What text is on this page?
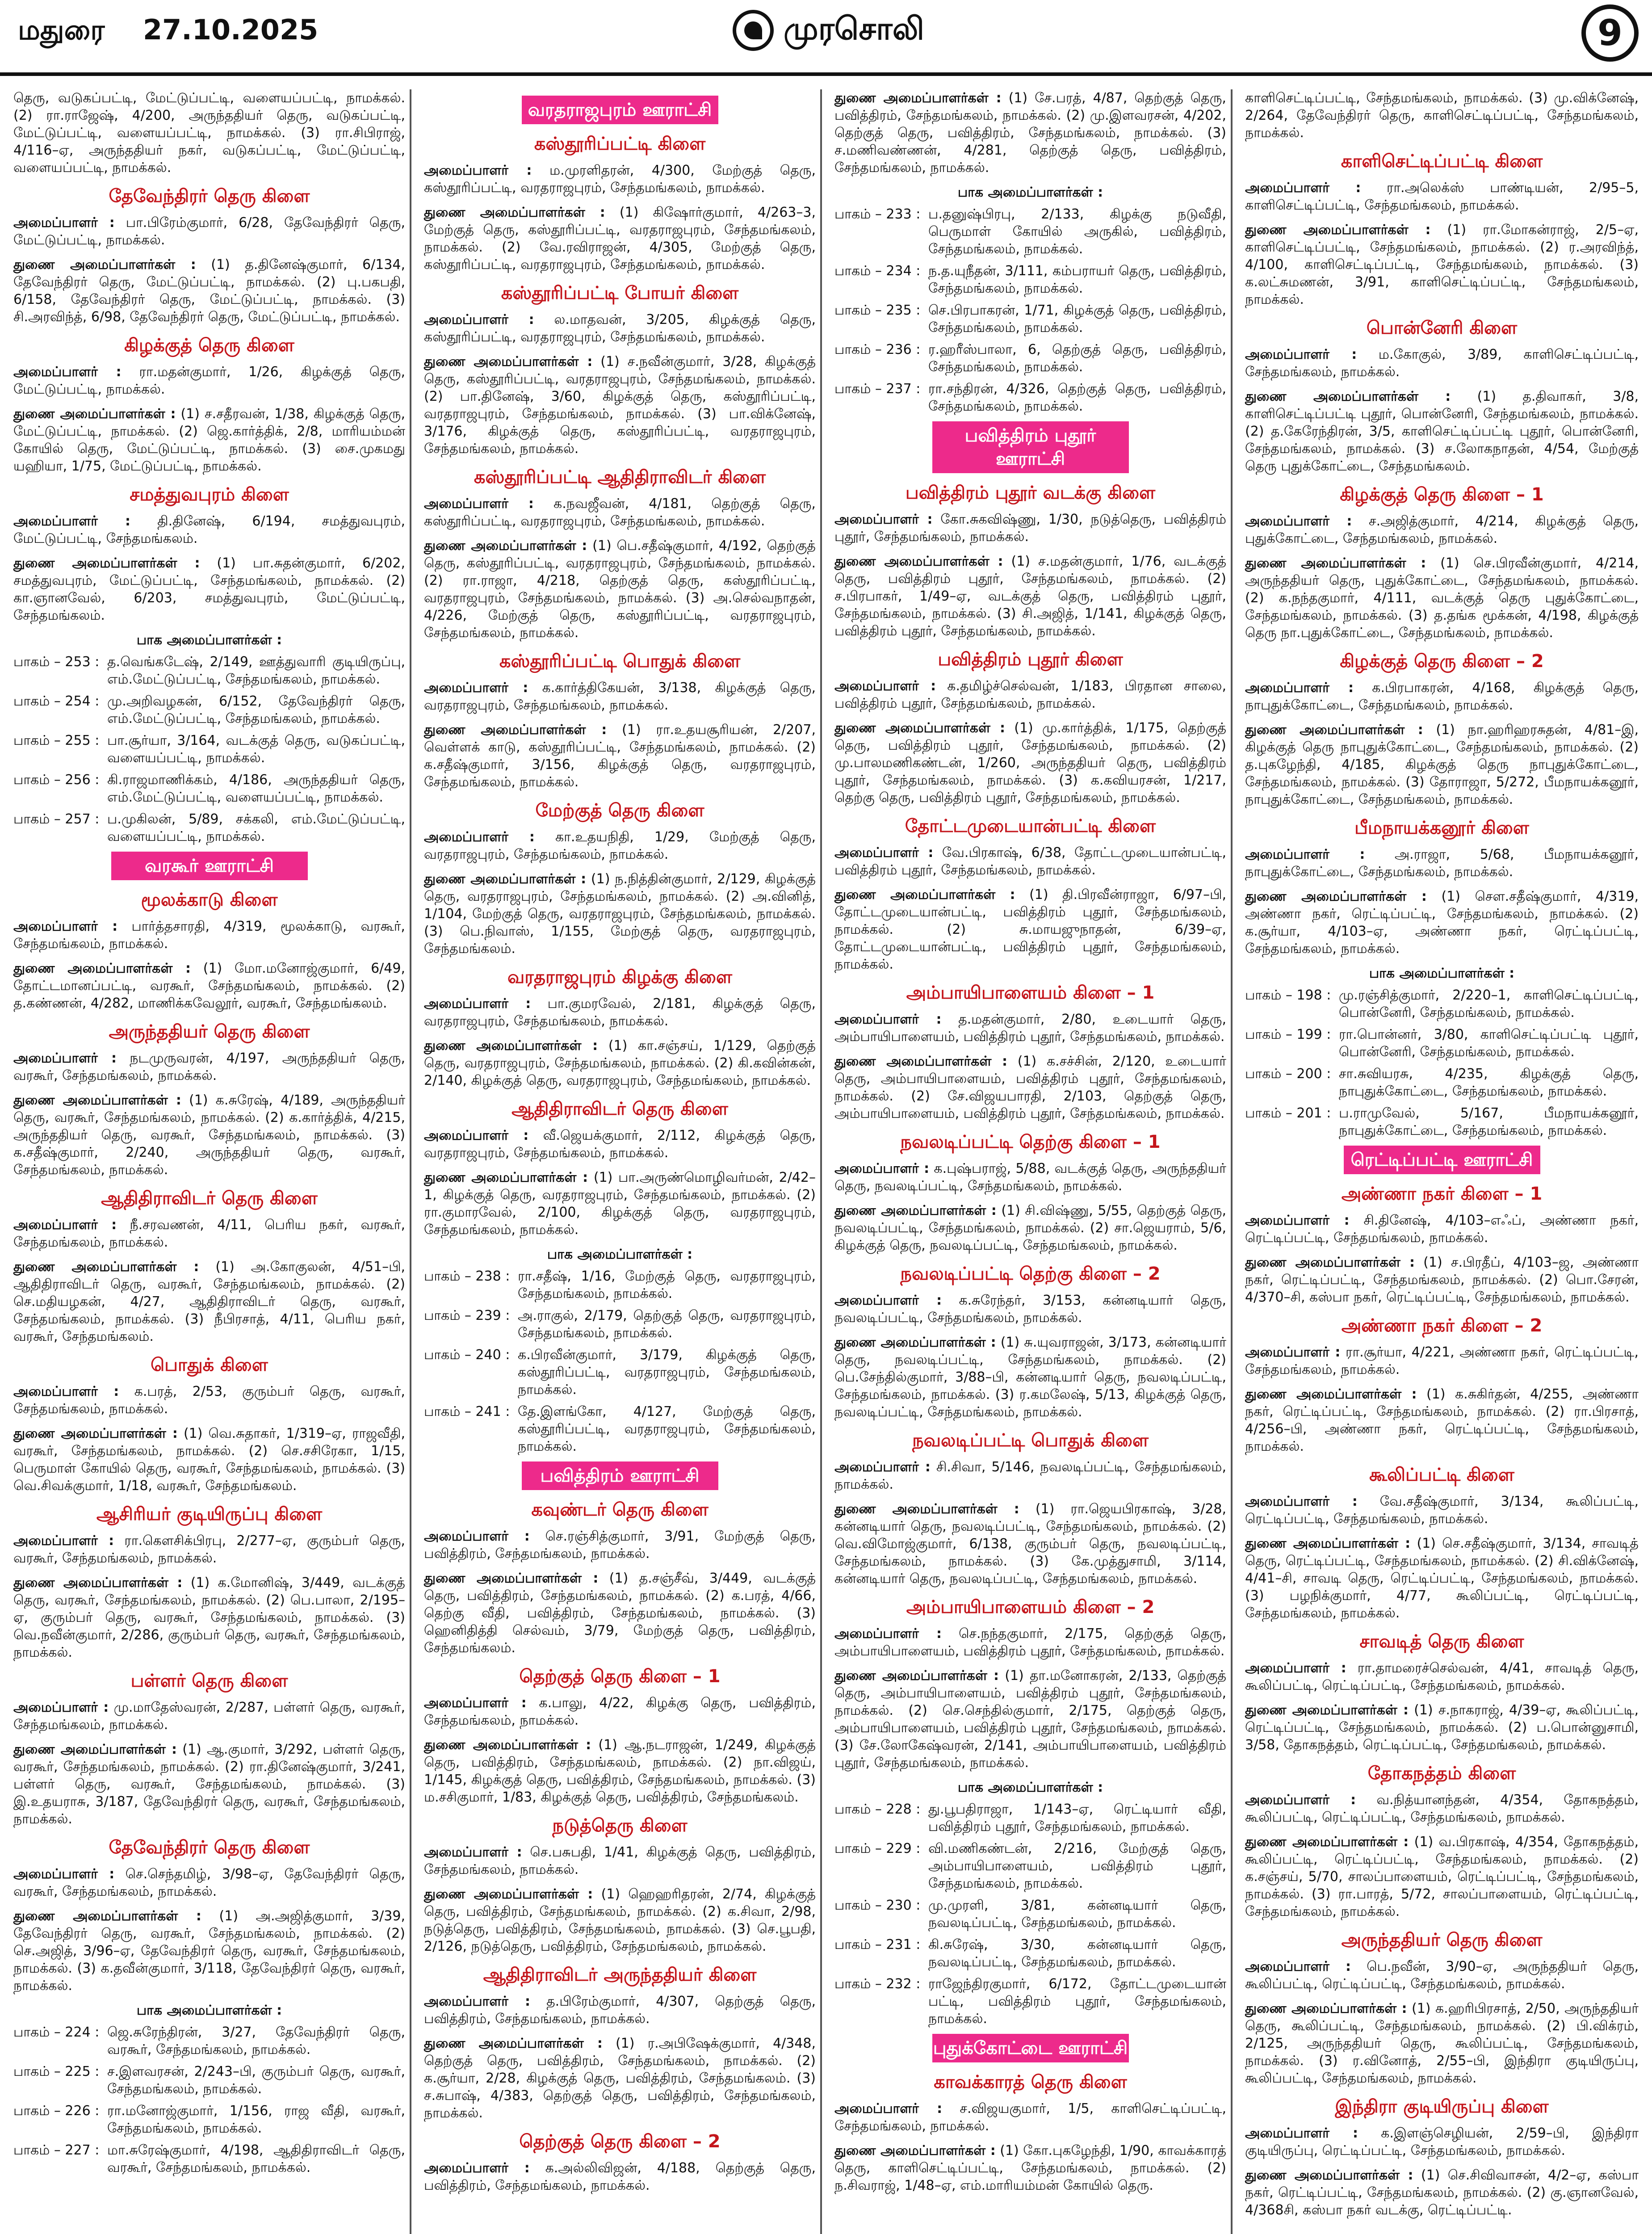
மதுரை 27.10.2025	முரசொலி	9

தெரு, வடுகப்பட்டி, மேட்டுப்பட்டி, வளையப்பட்டி, நாமக்கல். (2) ரா.ராஜேஷ், 4/200, அருந்ததியர் தெரு, வடுகப்பட்டி, மேட்டுப்பட்டி, வளையப்பட்டி, நாமக்கல். (3) ரா.சிபிராஜ், 4/116–ஏ, அருந்ததியர் நகர், வடுகப்பட்டி, மேட்டுப்பட்டி, வளையப்பட்டி, நாமக்கல்.

தேவேந்திரர் தெரு கிளை

அமைப்பாளர் : பா.பிரேம்குமார், 6/28, தேவேந்திரர் தெரு, மேட்டுப்பட்டி, நாமக்கல்.

துணை அமைப்பாளர்கள் : (1) த.தினேஷ்குமார், 6/134, தேவேந்திரர் தெரு, மேட்டுப்பட்டி, நாமக்கல். (2) பு.பகபதி, 6/158, தேவேந்திரர் தெரு, மேட்டுப்பட்டி, நாமக்கல். (3) சி.அரவிந்த், 6/98, தேவேந்திரர் தெரு, மேட்டுப்பட்டி, நாமக்கல்.

கிழக்குத் தெரு கிளை

அமைப்பாளர் : ரா.மதன்குமார், 1/26, கிழக்குத் தெரு, மேட்டுப்பட்டி, நாமக்கல்.

துணை அமைப்பாளர்கள் : (1) ச.சதீரவன், 1/38, கிழக்குத் தெரு, மேட்டுப்பட்டி, நாமக்கல். (2) ஜெ.கார்த்திக், 2/8, மாரியம்மன் கோயில் தெரு, மேட்டுப்பட்டி, நாமக்கல். (3) சை.முகமது யஹியா, 1/75, மேட்டுப்பட்டி, நாமக்கல்.

சமத்துவபுரம் கிளை

அமைப்பாளர் : தி.தினேஷ், 6/194, சமத்துவபுரம், மேட்டுப்பட்டி, சேந்தமங்கலம்.

துணை அமைப்பாளர்கள் : (1) பா.சுதன்குமார், 6/202, சமத்துவபுரம், மேட்டுப்பட்டி, சேந்தமங்கலம், நாமக்கல். (2) கா.ஞானவேல், 6/203, சமத்துவபுரம், மேட்டுப்பட்டி, சேந்தமங்கலம்.

பாக அமைப்பாளர்கள் :
பாகம் – 253 : த.வெங்கடேஷ், 2/149, ஊத்துவாரி குடியிருப்பு, எம்.மேட்டுப்பட்டி, சேந்தமங்கலம், நாமக்கல்.
பாகம் – 254 : மு.அறிவழகன், 6/152, தேவேந்திரர் தெரு, எம்.மேட்டுப்பட்டி, சேந்தமங்கலம், நாமக்கல்.
பாகம் – 255 : பா.சூர்யா, 3/164, வடக்குத் தெரு, வடுகப்பட்டி, வளையப்பட்டி, நாமக்கல்.
பாகம் – 256 : கி.ராஜமாணிக்கம், 4/186, அருந்ததியர் தெரு, எம்.மேட்டுப்பட்டி, வளையப்பட்டி, நாமக்கல்.
பாகம் – 257 : ப.முகிலன், 5/89, சக்கலி, எம்.மேட்டுப்பட்டி, வளையப்பட்டி, நாமக்கல்.
வரகூர் ஊராட்சி
மூலக்காடு கிளை

அமைப்பாளர் : பார்த்தசாரதி, 4/319, மூலக்காடு, வரகூர், சேந்தமங்கலம், நாமக்கல்.

துணை அமைப்பாளர்கள் : (1) மோ.மனோஜ்குமார், 6/49, தோட்டமானப்பட்டி, வரகூர், சேந்தமங்கலம், நாமக்கல். (2) த.கண்ணன், 4/282, மாணிக்கவேலூர், வரகூர், சேந்தமங்கலம்.

அருந்ததியர் தெரு கிளை

அமைப்பாளர் : நடமுருவரன், 4/197, அருந்ததியர் தெரு, வரகூர், சேந்தமங்கலம், நாமக்கல்.

துணை அமைப்பாளர்கள் : (1) க.சுரேஷ், 4/189, அருந்ததியர் தெரு, வரகூர், சேந்தமங்கலம், நாமக்கல். (2) க.கார்த்திக், 4/215, அருந்ததியர் தெரு, வரகூர், சேந்தமங்கலம், நாமக்கல். (3) க.சதீஷ்குமார், 2/240, அருந்ததியர் தெரு, வரகூர், சேந்தமங்கலம், நாமக்கல்.

ஆதிதிராவிடர் தெரு கிளை

அமைப்பாளர் : நீ.சரவணன், 4/11, பெரிய நகர், வரகூர், சேந்தமங்கலம், நாமக்கல்.

துணை அமைப்பாளர்கள் : (1) அ.கோகுலன், 4/51–பி, ஆதிதிராவிடர் தெரு, வரகூர், சேந்தமங்கலம், நாமக்கல். (2) செ.மதியழகன், 4/27, ஆதிதிராவிடர் தெரு, வரகூர், சேந்தமங்கலம், நாமக்கல். (3) நீபிரசாத், 4/11, பெரிய நகர், வரகூர், சேந்தமங்கலம்.

பொதுக் கிளை

அமைப்பாளர் : க.பரத், 2/53, குரும்பர் தெரு, வரகூர், சேந்தமங்கலம், நாமக்கல்.

துணை அமைப்பாளர்கள் : (1) வெ.சுதாகர், 1/319–ஏ, ராஜவீதி, வரகூர், சேந்தமங்கலம், நாமக்கல். (2) செ.சசிரேகா, 1/15, பெருமாள் கோயில் தெரு, வரகூர், சேந்தமங்கலம், நாமக்கல். (3) வெ.சிவக்குமார், 1/18, வரகூர், சேந்தமங்கலம்.

ஆசிரியர் குடியிருப்பு கிளை

அமைப்பாளர் : ரா.கௌசிக்பிரபு, 2/277–ஏ, குரும்பர் தெரு, வரகூர், சேந்தமங்கலம், நாமக்கல்.

துணை அமைப்பாளர்கள் : (1) க.மோனிஷ், 3/449, வடக்குத் தெரு, வரகூர், சேந்தமங்கலம், நாமக்கல். (2) பெ.பாலா, 2/195–ஏ, குரும்பர் தெரு, வரகூர், சேந்தமங்கலம், நாமக்கல். (3) வெ.நவீன்குமார், 2/286, குரும்பர் தெரு, வரகூர், சேந்தமங்கலம், நாமக்கல்.

பள்ளர் தெரு கிளை

அமைப்பாளர் : மு.மாதேஸ்வரன், 2/287, பள்ளர் தெரு, வரகூர், சேந்தமங்கலம், நாமக்கல்.

துணை அமைப்பாளர்கள் : (1) ஆ.குமார், 3/292, பள்ளர் தெரு, வரகூர், சேந்தமங்கலம், நாமக்கல். (2) ரா.தினேஷ்குமார், 3/241, பள்ளர் தெரு, வரகூர், சேந்தமங்கலம், நாமக்கல். (3) இ.உதயராசு, 3/187, தேவேந்திரர் தெரு, வரகூர், சேந்தமங்கலம், நாமக்கல்.

தேவேந்திரர் தெரு கிளை

அமைப்பாளர் : செ.செந்தமிழ், 3/98–ஏ, தேவேந்திரர் தெரு, வரகூர், சேந்தமங்கலம், நாமக்கல்.

துணை அமைப்பாளர்கள் : (1) அ.அஜித்குமார், 3/39, தேவேந்திரர் தெரு, வரகூர், சேந்தமங்கலம், நாமக்கல். (2) செ.அஜித், 3/96–ஏ, தேவேந்திரர் தெரு, வரகூர், சேந்தமங்கலம், நாமக்கல். (3) க.தவீன்குமார், 3/118, தேவேந்திரர் தெரு, வரகூர், நாமக்கல்.

பாக அமைப்பாளர்கள் :
பாகம் – 224 : ஜெ.சுரேந்திரன், 3/27, தேவேந்திரர் தெரு, வரகூர், சேந்தமங்கலம், நாமக்கல்.
பாகம் – 225 : ச.இளவரசன், 2/243–பி, குரும்பர் தெரு, வரகூர், சேந்தமங்கலம், நாமக்கல்.
பாகம் – 226 : ரா.மனோஜ்குமார், 1/156, ராஜ வீதி, வரகூர், சேந்தமங்கலம், நாமக்கல்.
பாகம் – 227 : மா.சுரேஷ்குமார், 4/198, ஆதிதிராவிடர் தெரு, வரகூர், சேந்தமங்கலம், நாமக்கல்.
வரதராஜபுரம் ஊராட்சி
கஸ்தூரிப்பட்டி கிளை

அமைப்பாளர் : ம.முரளிதரன், 4/300, மேற்குத் தெரு, கஸ்தூரிப்பட்டி, வரதராஜபுரம், சேந்தமங்கலம், நாமக்கல்.

துணை அமைப்பாளர்கள் : (1) கிஷோர்குமார், 4/263–3, மேற்குத் தெரு, கஸ்தூரிப்பட்டி, வரதராஜபுரம், சேந்தமங்கலம், நாமக்கல். (2) வே.ரவிராஜன், 4/305, மேற்குத் தெரு, கஸ்தூரிப்பட்டி, வரதராஜபுரம், சேந்தமங்கலம், நாமக்கல்.

கஸ்தூரிப்பட்டி போயர் கிளை

அமைப்பாளர் : ல.மாதவன், 3/205, கிழக்குத் தெரு, கஸ்தூரிப்பட்டி, வரதராஜபுரம், சேந்தமங்கலம், நாமக்கல்.

துணை அமைப்பாளர்கள் : (1) ச.நவீன்குமார், 3/28, கிழக்குத் தெரு, கஸ்தூரிப்பட்டி, வரதராஜபுரம், சேந்தமங்கலம், நாமக்கல். (2) பா.தினேஷ், 3/60, கிழக்குத் தெரு, கஸ்தூரிப்பட்டி, வரதராஜபுரம், சேந்தமங்கலம், நாமக்கல். (3) பா.விக்னேஷ், 3/176, கிழக்குத் தெரு, கஸ்தூரிப்பட்டி, வரதராஜபுரம், சேந்தமங்கலம், நாமக்கல்.

கஸ்தூரிப்பட்டி ஆதிதிராவிடர் கிளை

அமைப்பாளர் : க.நவஜீவன், 4/181, தெற்குத் தெரு, கஸ்தூரிப்பட்டி, வரதராஜபுரம், சேந்தமங்கலம், நாமக்கல்.

துணை அமைப்பாளர்கள் : (1) பெ.சதீஷ்குமார், 4/192, தெற்குத் தெரு, கஸ்தூரிப்பட்டி, வரதராஜபுரம், சேந்தமங்கலம், நாமக்கல். (2) ரா.ராஜா, 4/218, தெற்குத் தெரு, கஸ்தூரிப்பட்டி, வரதராஜபுரம், சேந்தமங்கலம், நாமக்கல். (3) அ.செல்வநாதன், 4/226, மேற்குத் தெரு, கஸ்தூரிப்பட்டி, வரதராஜபுரம், சேந்தமங்கலம், நாமக்கல்.

கஸ்தூரிப்பட்டி பொதுக் கிளை

அமைப்பாளர் : க.கார்த்திகேயன், 3/138, கிழக்குத் தெரு, வரதராஜபுரம், சேந்தமங்கலம், நாமக்கல்.

துணை அமைப்பாளர்கள் : (1) ரா.உதயசூரியன், 2/207, வெள்ளக் காடு, கஸ்தூரிப்பட்டி, சேந்தமங்கலம், நாமக்கல். (2) க.சதீஷ்குமார், 3/156, கிழக்குத் தெரு, வரதராஜபுரம், சேந்தமங்கலம், நாமக்கல்.

மேற்குத் தெரு கிளை

அமைப்பாளர் : கா.உதயநிதி, 1/29, மேற்குத் தெரு, வரதராஜபுரம், சேந்தமங்கலம், நாமக்கல்.

துணை அமைப்பாளர்கள் : (1) ந.நித்தின்குமார், 2/129, கிழக்குத் தெரு, வரதராஜபுரம், சேந்தமங்கலம், நாமக்கல். (2) அ.வினித், 1/104, மேற்குத் தெரு, வரதராஜபுரம், சேந்தமங்கலம், நாமக்கல். (3) பெ.நிவாஸ், 1/155, மேற்குத் தெரு, வரதராஜபுரம், சேந்தமங்கலம்.

வரதராஜபுரம் கிழக்கு கிளை

அமைப்பாளர் : பா.குமரவேல், 2/181, கிழக்குத் தெரு, வரதராஜபுரம், சேந்தமங்கலம், நாமக்கல்.

துணை அமைப்பாளர்கள் : (1) கா.சஞ்சய், 1/129, தெற்குத் தெரு, வரதராஜபுரம், சேந்தமங்கலம், நாமக்கல். (2) கி.கவின்கன், 2/140, கிழக்குத் தெரு, வரதராஜபுரம், சேந்தமங்கலம், நாமக்கல்.

ஆதிதிராவிடர் தெரு கிளை

அமைப்பாளர் : வீ.ஜெயக்குமார், 2/112, கிழக்குத் தெரு, வரதராஜபுரம், சேந்தமங்கலம், நாமக்கல்.

துணை அமைப்பாளர்கள் : (1) பா.அருண்மொழிவர்மன், 2/42–1, கிழக்குத் தெரு, வரதராஜபுரம், சேந்தமங்கலம், நாமக்கல். (2) ரா.குமாரவேல், 2/100, கிழக்குத் தெரு, வரதராஜபுரம், சேந்தமங்கலம், நாமக்கல்.

பாக அமைப்பாளர்கள் :
பாகம் – 238 : ரா.சதீஷ், 1/16, மேற்குத் தெரு, வரதராஜபுரம், சேந்தமங்கலம், நாமக்கல்.
பாகம் – 239 : அ.ராகுல், 2/179, தெற்குத் தெரு, வரதராஜபுரம், சேந்தமங்கலம், நாமக்கல்.
பாகம் – 240 : க.பிரவீன்குமார், 3/179, கிழக்குத் தெரு, கஸ்தூரிப்பட்டி, வரதராஜபுரம், சேந்தமங்கலம், நாமக்கல்.
பாகம் – 241 : தே.இளங்கோ, 4/127, மேற்குத் தெரு, கஸ்தூரிப்பட்டி, வரதராஜபுரம், சேந்தமங்கலம், நாமக்கல்.
பவித்திரம் ஊராட்சி
கவுண்டர் தெரு கிளை

அமைப்பாளர் : செ.ரஞ்சித்குமார், 3/91, மேற்குத் தெரு, பவித்திரம், சேந்தமங்கலம், நாமக்கல்.

துணை அமைப்பாளர்கள் : (1) த.சஞ்சீவ், 3/449, வடக்குத் தெரு, பவித்திரம், சேந்தமங்கலம், நாமக்கல். (2) க.பரத், 4/66, தெற்கு வீதி, பவித்திரம், சேந்தமங்கலம், நாமக்கல். (3) ஹெனிதித்தி செல்வம், 3/79, மேற்குத் தெரு, பவித்திரம், சேந்தமங்கலம்.

தெற்குத் தெரு கிளை – 1

அமைப்பாளர் : க.பாலு, 4/22, கிழக்கு தெரு, பவித்திரம், சேந்தமங்கலம், நாமக்கல்.

துணை அமைப்பாளர்கள் : (1) ஆ.நடராஜன், 1/249, கிழக்குத் தெரு, பவித்திரம், சேந்தமங்கலம், நாமக்கல். (2) நா.விஜய், 1/145, கிழக்குத் தெரு, பவித்திரம், சேந்தமங்கலம், நாமக்கல். (3) ம.சசிகுமார், 1/83, கிழக்குத் தெரு, பவித்திரம், சேந்தமங்கலம்.

நடுத்தெரு கிளை

அமைப்பாளர் : செ.பசுபதி, 1/41, கிழக்குத் தெரு, பவித்திரம், சேந்தமங்கலம், நாமக்கல்.

துணை அமைப்பாளர்கள் : (1) ஹெஹரிதரன், 2/74, கிழக்குத் தெரு, பவித்திரம், சேந்தமங்கலம், நாமக்கல். (2) க.சிவா, 2/98, நடுத்தெரு, பவித்திரம், சேந்தமங்கலம், நாமக்கல். (3) செ.பூபதி, 2/126, நடுத்தெரு, பவித்திரம், சேந்தமங்கலம், நாமக்கல்.

ஆதிதிராவிடர் அருந்ததியர் கிளை

அமைப்பாளர் : த.பிரேம்குமார், 4/307, தெற்குத் தெரு, பவித்திரம், சேந்தமங்கலம், நாமக்கல்.

துணை அமைப்பாளர்கள் : (1) ர.அபிஷேக்குமார், 4/348, தெற்குத் தெரு, பவித்திரம், சேந்தமங்கலம், நாமக்கல். (2) க.சூர்யா, 2/28, கிழக்குத் தெரு, பவித்திரம், சேந்தமங்கலம். (3) ச.சுபாஷ், 4/383, தெற்குத் தெரு, பவித்திரம், சேந்தமங்கலம், நாமக்கல்.

தெற்குத் தெரு கிளை – 2

அமைப்பாளர் : க.அல்லிவிஜன், 4/188, தெற்குத் தெரு, பவித்திரம், சேந்தமங்கலம், நாமக்கல்.

துணை அமைப்பாளர்கள் : (1) சே.பரத், 4/87, தெற்குத் தெரு, பவித்திரம், சேந்தமங்கலம், நாமக்கல். (2) மு.இளவரசன், 4/202, தெற்குத் தெரு, பவித்திரம், சேந்தமங்கலம், நாமக்கல். (3) ச.மணிவண்ணன், 4/281, தெற்குத் தெரு, பவித்திரம், சேந்தமங்கலம், நாமக்கல்.

பாக அமைப்பாளர்கள் :
பாகம் – 233 : ப.தனுஷ்பிரபு, 2/133, கிழக்கு நடுவீதி, பெருமாள் கோயில் அருகில், பவித்திரம், சேந்தமங்கலம், நாமக்கல்.
பாகம் – 234 : ந.த.யுநீதன், 3/111, கம்பராயர் தெரு, பவித்திரம், சேந்தமங்கலம், நாமக்கல்.
பாகம் – 235 : செ.பிரபாகரன், 1/71, கிழக்குத் தெரு, பவித்திரம், சேந்தமங்கலம், நாமக்கல்.
பாகம் – 236 : ர.ஹரீஸ்பாலா, 6, தெற்குத் தெரு, பவித்திரம், சேந்தமங்கலம், நாமக்கல்.
பாகம் – 237 : ரா.சந்திரன், 4/326, தெற்குத் தெரு, பவித்திரம், சேந்தமங்கலம், நாமக்கல்.
பவித்திரம் புதூர் ஊராட்சி
பவித்திரம் புதூர் வடக்கு கிளை

அமைப்பாளர் : கோ.சுகவிஷ்ணு, 1/30, நடுத்தெரு, பவித்திரம் புதூர், சேந்தமங்கலம், நாமக்கல்.

துணை அமைப்பாளர்கள் : (1) ச.மதன்குமார், 1/76, வடக்குத் தெரு, பவித்திரம் புதூர், சேந்தமங்கலம், நாமக்கல். (2) ச.பிரபாகர், 1/49–ஏ, வடக்குத் தெரு, பவித்திரம் புதூர், சேந்தமங்கலம், நாமக்கல். (3) சி.அஜித், 1/141, கிழக்குத் தெரு, பவித்திரம் புதூர், சேந்தமங்கலம், நாமக்கல்.

பவித்திரம் புதூர் கிளை

அமைப்பாளர் : க.தமிழ்ச்செல்வன், 1/183, பிரதான சாலை, பவித்திரம் புதூர், சேந்தமங்கலம், நாமக்கல்.

துணை அமைப்பாளர்கள் : (1) மு.கார்த்திக், 1/175, தெற்குத் தெரு, பவித்திரம் புதூர், சேந்தமங்கலம், நாமக்கல். (2) மு.பாலமணிகண்டன், 1/260, அருந்ததியர் தெரு, பவித்திரம் புதூர், சேந்தமங்கலம், நாமக்கல். (3) க.கவியரசன், 1/217, தெற்கு தெரு, பவித்திரம் புதூர், சேந்தமங்கலம், நாமக்கல்.

தோட்டமுடையான்பட்டி கிளை

அமைப்பாளர் : வே.பிரகாஷ், 6/38, தோட்டமுடையான்பட்டி, பவித்திரம் புதூர், சேந்தமங்கலம், நாமக்கல்.

துணை அமைப்பாளர்கள் : (1) தி.பிரவீன்ராஜா, 6/97–பி, தோட்டமுடையான்பட்டி, பவித்திரம் புதூர், சேந்தமங்கலம், நாமக்கல். (2) சு.மாயஜுநாதன், 6/39–ஏ, தோட்டமுடையான்பட்டி, பவித்திரம் புதூர், சேந்தமங்கலம், நாமக்கல்.

அம்பாயிபாளையம் கிளை – 1

அமைப்பாளர் : த.மதன்குமார், 2/80, உடையார் தெரு, அம்பாயிபாளையம், பவித்திரம் புதூர், சேந்தமங்கலம், நாமக்கல்.

துணை அமைப்பாளர்கள் : (1) க.சச்சின், 2/120, உடையார் தெரு, அம்பாயிபாளையம், பவித்திரம் புதூர், சேந்தமங்கலம், நாமக்கல். (2) சே.விஜயபாரதி, 2/103, தெற்குத் தெரு, அம்பாயிபாளையம், பவித்திரம் புதூர், சேந்தமங்கலம், நாமக்கல்.

நவலடிப்பட்டி தெற்கு கிளை – 1

அமைப்பாளர் : க.புஷ்பராஜ், 5/88, வடக்குத் தெரு, அருந்ததியர் தெரு, நவலடிப்பட்டி, சேந்தமங்கலம், நாமக்கல்.

துணை அமைப்பாளர்கள் : (1) சி.விஷ்ணு, 5/55, தெற்குத் தெரு, நவலடிப்பட்டி, சேந்தமங்கலம், நாமக்கல். (2) சா.ஜெயராம், 5/6, கிழக்குத் தெரு, நவலடிப்பட்டி, சேந்தமங்கலம், நாமக்கல்.

நவலடிப்பட்டி தெற்கு கிளை – 2

அமைப்பாளர் : க.சுரேந்தர், 3/153, கன்னடியார் தெரு, நவலடிப்பட்டி, சேந்தமங்கலம், நாமக்கல்.

துணை அமைப்பாளர்கள் : (1) சு.யுவராஜன், 3/173, கன்னடியார் தெரு, நவலடிப்பட்டி, சேந்தமங்கலம், நாமக்கல். (2) பெ.சேந்தில்குமார், 3/88–பி, கன்னடியார் தெரு, நவலடிப்பட்டி, சேந்தமங்கலம், நாமக்கல். (3) ர.கமலேஷ், 5/13, கிழக்குத் தெரு, நவலடிப்பட்டி, சேந்தமங்கலம், நாமக்கல்.

நவலடிப்பட்டி பொதுக் கிளை

அமைப்பாளர் : சி.சிவா, 5/146, நவலடிப்பட்டி, சேந்தமங்கலம், நாமக்கல்.

துணை அமைப்பாளர்கள் : (1) ரா.ஜெயபிரகாஷ், 3/28, கன்னடியார் தெரு, நவலடிப்பட்டி, சேந்தமங்கலம், நாமக்கல். (2) வெ.விமோஜ்குமார், 6/138, குரும்பர் தெரு, நவலடிப்பட்டி, சேந்தமங்கலம், நாமக்கல். (3) கே.முத்துசாமி, 3/114, கன்னடியார் தெரு, நவலடிப்பட்டி, சேந்தமங்கலம், நாமக்கல்.

அம்பாயிபாளையம் கிளை – 2

அமைப்பாளர் : செ.நந்தகுமார், 2/175, தெற்குத் தெரு, அம்பாயிபாளையம், பவித்திரம் புதூர், சேந்தமங்கலம், நாமக்கல்.

துணை அமைப்பாளர்கள் : (1) தா.மனோகரன், 2/133, தெற்குத் தெரு, அம்பாயிபாளையம், பவித்திரம் புதூர், சேந்தமங்கலம், நாமக்கல். (2) செ.செந்தில்குமார், 2/175, தெற்குத் தெரு, அம்பாயிபாளையம், பவித்திரம் புதூர், சேந்தமங்கலம், நாமக்கல். (3) சே.லோகேஷ்வரன், 2/141, அம்பாயிபாளையம், பவித்திரம் புதூர், சேந்தமங்கலம், நாமக்கல்.

பாக அமைப்பாளர்கள் :
பாகம் – 228 : து.பூபதிராஜா, 1/143–ஏ, ரெட்டியார் வீதி, பவித்திரம் புதூர், சேந்தமங்கலம், நாமக்கல்.
பாகம் – 229 : வி.மணிகண்டன், 2/216, மேற்குத் தெரு, அம்பாயிபாளையம், பவித்திரம் புதூர், சேந்தமங்கலம், நாமக்கல்.
பாகம் – 230 : மு.முரளி, 3/81, கன்னடியார் தெரு, நவலடிப்பட்டி, சேந்தமங்கலம், நாமக்கல்.
பாகம் – 231 : கி.சுரேஷ், 3/30, கன்னடியார் தெரு, நவலடிப்பட்டி, சேந்தமங்கலம், நாமக்கல்.
பாகம் – 232 : ராஜேந்திரகுமார், 6/172, தோட்டமுடையான் பட்டி, பவித்திரம் புதூர், சேந்தமங்கலம், நாமக்கல்.
புதுக்கோட்டை ஊராட்சி
காவக்காரத் தெரு கிளை

அமைப்பாளர் : ச.விஜயகுமார், 1/5, காளிசெட்டிப்பட்டி, சேந்தமங்கலம், நாமக்கல்.

துணை அமைப்பாளர்கள் : (1) கோ.புகழேந்தி, 1/90, காவக்காரத் தெரு, காளிசெட்டிப்பட்டி, சேந்தமங்கலம், நாமக்கல். (2) ந.சிவராஜ், 1/48–ஏ, எம்.மாரியம்மன் கோயில் தெரு.

காளிசெட்டிப்பட்டி, சேந்தமங்கலம், நாமக்கல். (3) மு.விக்னேஷ், 2/264, தேவேந்திரர் தெரு, காளிசெட்டிப்பட்டி, சேந்தமங்கலம், நாமக்கல்.

காளிசெட்டிப்பட்டி கிளை

அமைப்பாளர் : ரா.அலெக்ஸ் பாண்டியன், 2/95–5, காளிசெட்டிப்பட்டி, சேந்தமங்கலம், நாமக்கல்.

துணை அமைப்பாளர்கள் : (1) ரா.மோகன்ராஜ், 2/5–ஏ, காளிசெட்டிப்பட்டி, சேந்தமங்கலம், நாமக்கல். (2) ர.அரவிந்த், 4/100, காளிசெட்டிப்பட்டி, சேந்தமங்கலம், நாமக்கல். (3) க.லட்சுமணன், 3/91, காளிசெட்டிப்பட்டி, சேந்தமங்கலம், நாமக்கல்.

பொன்னேரி கிளை

அமைப்பாளர் : ம.கோகுல், 3/89, காளிசெட்டிப்பட்டி, சேந்தமங்கலம், நாமக்கல்.

துணை அமைப்பாளர்கள் : (1) த.திவாகர், 3/8, காளிசெட்டிப்பட்டி புதூர், பொன்னேரி, சேந்தமங்கலம், நாமக்கல். (2) த.கேரேந்திரன், 3/5, காளிசெட்டிப்பட்டி புதூர், பொன்னேரி, சேந்தமங்கலம், நாமக்கல். (3) ச.லோகநாதன், 4/54, மேற்குத் தெரு புதுக்கோட்டை, சேந்தமங்கலம்.

கிழக்குத் தெரு கிளை – 1

அமைப்பாளர் : ச.அஜித்குமார், 4/214, கிழக்குத் தெரு, புதுக்கோட்டை, சேந்தமங்கலம், நாமக்கல்.

துணை அமைப்பாளர்கள் : (1) செ.பிரவீன்குமார், 4/214, அருந்ததியர் தெரு, புதுக்கோட்டை, சேந்தமங்கலம், நாமக்கல். (2) க.நந்தகுமார், 4/111, வடக்குத் தெரு புதுக்கோட்டை, சேந்தமங்கலம், நாமக்கல். (3) த.தங்க மூக்கன், 4/198, கிழக்குத் தெரு நா.புதுக்கோட்டை, சேந்தமங்கலம், நாமக்கல்.

கிழக்குத் தெரு கிளை – 2

அமைப்பாளர் : க.பிரபாகரன், 4/168, கிழக்குத் தெரு, நாபுதுக்கோட்டை, சேந்தமங்கலம், நாமக்கல்.

துணை அமைப்பாளர்கள் : (1) நா.ஹரிஹரசுதன், 4/81–இ, கிழக்குத் தெரு நாபுதுக்கோட்டை, சேந்தமங்கலம், நாமக்கல். (2) த.புகழேந்தி, 4/185, கிழக்குத் தெரு நாபுதுக்கோட்டை, சேந்தமங்கலம், நாமக்கல். (3) தோராஜா, 5/272, பீமநாயக்கனூர், நாபுதுக்கோட்டை, சேந்தமங்கலம், நாமக்கல்.

பீமநாயக்கனூர் கிளை

அமைப்பாளர் : அ.ராஜா, 5/68, பீமநாயக்கனூர், நாபுதுக்கோட்டை, சேந்தமங்கலம், நாமக்கல்.

துணை அமைப்பாளர்கள் : (1) சௌ.சதீஷ்குமார், 4/319, அண்ணா நகர், ரெட்டிப்பட்டி, சேந்தமங்கலம், நாமக்கல். (2) க.சூர்யா, 4/103–ஏ, அண்ணா நகர், ரெட்டிப்பட்டி, சேந்தமங்கலம், நாமக்கல்.

பாக அமைப்பாளர்கள் :
பாகம் – 198 : மு.ரஞ்சித்குமார், 2/220–1, காளிசெட்டிப்பட்டி, பொன்னேரி, சேந்தமங்கலம், நாமக்கல்.
பாகம் – 199 : ரா.பொன்னர், 3/80, காளிசெட்டிப்பட்டி புதூர், பொன்னேரி, சேந்தமங்கலம், நாமக்கல்.
பாகம் – 200 : சா.சுவியரசு, 4/235, கிழக்குத் தெரு, நாபுதுக்கோட்டை, சேந்தமங்கலம், நாமக்கல்.
பாகம் – 201 : ப.ராமுவேல், 5/167, பீமநாயக்கனூர், நாபுதுக்கோட்டை, சேந்தமங்கலம், நாமக்கல்.
ரெட்டிப்பட்டி ஊராட்சி
அண்ணா நகர் கிளை – 1

அமைப்பாளர் : சி.தினேஷ், 4/103–எஃப், அண்ணா நகர், ரெட்டிப்பட்டி, சேந்தமங்கலம், நாமக்கல்.

துணை அமைப்பாளர்கள் : (1) ச.பிரதீப், 4/103–ஜ, அண்ணா நகர், ரெட்டிப்பட்டி, சேந்தமங்கலம், நாமக்கல். (2) பொ.சேரன், 4/370–சி, கஸ்பா நகர், ரெட்டிப்பட்டி, சேந்தமங்கலம், நாமக்கல்.

அண்ணா நகர் கிளை – 2

அமைப்பாளர் : ரா.சூர்யா, 4/221, அண்ணா நகர், ரெட்டிப்பட்டி, சேந்தமங்கலம், நாமக்கல்.

துணை அமைப்பாளர்கள் : (1) க.சுகிர்தன், 4/255, அண்ணா நகர், ரெட்டிப்பட்டி, சேந்தமங்கலம், நாமக்கல். (2) ரா.பிரசாத், 4/256–பி, அண்ணா நகர், ரெட்டிப்பட்டி, சேந்தமங்கலம், நாமக்கல்.

கூலிப்பட்டி கிளை

அமைப்பாளர் : வே.சதீஷ்குமார், 3/134, கூலிப்பட்டி, ரெட்டிப்பட்டி, சேந்தமங்கலம், நாமக்கல்.

துணை அமைப்பாளர்கள் : (1) செ.சதீஷ்குமார், 3/134, சாவடித் தெரு, ரெட்டிப்பட்டி, சேந்தமங்கலம், நாமக்கல். (2) சி.விக்னேஷ், 4/41–சி, சாவடி தெரு, ரெட்டிப்பட்டி, சேந்தமங்கலம், நாமக்கல். (3) பழநிக்குமார், 4/77, கூலிப்பட்டி, ரெட்டிப்பட்டி, சேந்தமங்கலம், நாமக்கல்.

சாவடித் தெரு கிளை

அமைப்பாளர் : ரா.தாமரைச்செல்வன், 4/41, சாவடித் தெரு, கூலிப்பட்டி, ரெட்டிப்பட்டி, சேந்தமங்கலம், நாமக்கல்.

துணை அமைப்பாளர்கள் : (1) ச.நாகராஜ், 4/39–ஏ, கூலிப்பட்டி, ரெட்டிப்பட்டி, சேந்தமங்கலம், நாமக்கல். (2) ப.பொன்னுசாமி, 3/58, தோகநத்தம், ரெட்டிப்பட்டி, சேந்தமங்கலம், நாமக்கல்.

தோகநத்தம் கிளை

அமைப்பாளர் : வ.நித்யானந்தன், 4/354, தோகநத்தம், கூலிப்பட்டி, ரெட்டிப்பட்டி, சேந்தமங்கலம், நாமக்கல்.

துணை அமைப்பாளர்கள் : (1) வ.பிரகாஷ், 4/354, தோகநத்தம், கூலிப்பட்டி, ரெட்டிப்பட்டி, சேந்தமங்கலம், நாமக்கல். (2) க.சஞ்சய், 5/70, சாலப்பாளையம், ரெட்டிப்பட்டி, சேந்தமங்கலம், நாமக்கல். (3) ரா.பாரத், 5/72, சாலப்பாளையம், ரெட்டிப்பட்டி, சேந்தமங்கலம், நாமக்கல்.

அருந்ததியர் தெரு கிளை

அமைப்பாளர் : பெ.நவீன், 3/90–ஏ, அருந்ததியர் தெரு, கூலிப்பட்டி, ரெட்டிப்பட்டி, சேந்தமங்கலம், நாமக்கல்.

துணை அமைப்பாளர்கள் : (1) க.ஹரிபிரசாத், 2/50, அருந்ததியர் தெரு, கூலிப்பட்டி, சேந்தமங்கலம், நாமக்கல். (2) பி.விக்ரம், 2/125, அருந்ததியர் தெரு, கூலிப்பட்டி, சேந்தமங்கலம், நாமக்கல். (3) ர.வினோத், 2/55–பி, இந்திரா குடியிருப்பு, கூலிப்பட்டி, சேந்தமங்கலம், நாமக்கல்.

இந்திரா குடியிருப்பு கிளை

அமைப்பாளர் : க.இளஞ்செழியன், 2/59–பி, இந்திரா குடியிருப்பு, ரெட்டிப்பட்டி, சேந்தமங்கலம், நாமக்கல்.

துணை அமைப்பாளர்கள் : (1) செ.சிவிவாசன், 4/2–ஏ, கஸ்பா நகர், ரெட்டிப்பட்டி, சேந்தமங்கலம், நாமக்கல். (2) கு.ஞானவேல், 4/368சி, கஸ்பா நகர் வடக்கு, ரெட்டிப்பட்டி.
